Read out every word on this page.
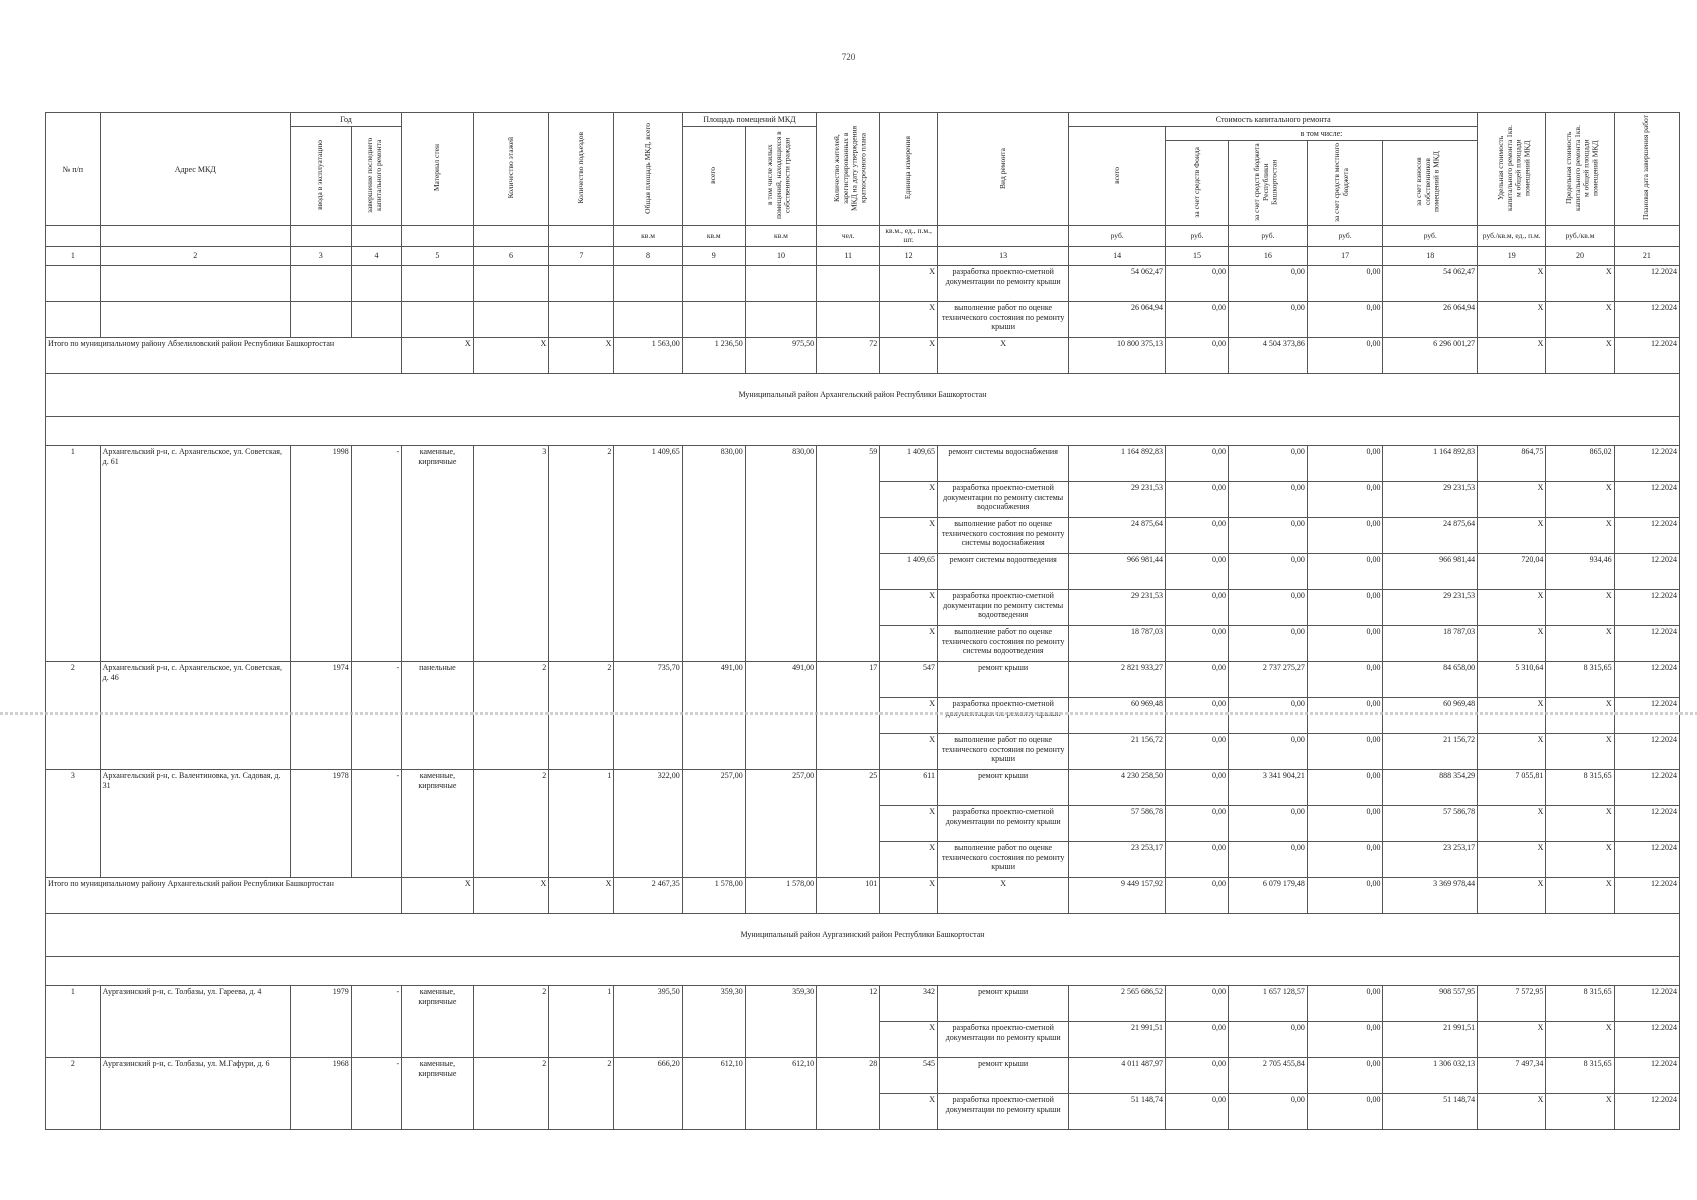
720
№ п/п	Адрес МКД	Год		Материал стен	Количество этажей	Количество подъездов	Общая площадь МКД, всего	Площадь помещений МКД		Количество жителей, зарегистрированных в МКД на дату утверждения краткосрочного плана	Единица измерения	Вид ремонта	Стоимость капитального ремонта					Удельная стоимость капитального ремонта 1кв. м общей площади помещений МКД	Предельная стоимость капитального ремонта 1кв. м общей площади помещений МКД	Плановая дата завершения работ
		ввода в эксплуатацию	завершение последнего капитального ремонта					всего	в том числе жилых помещений, находящихся в собственности граждан				всего	в том числе:						
														за счет средств Фонда	за счет средств бюджета Республики Башкортостан	за счет средств местного бюджета	за счет взносов собственников помещений в МКД			
							кв.м	кв.м	кв.м	чел.	кв.м., ед., п.м., шт.		руб.	руб.	руб.	руб.	руб.	руб./кв.м, ед., п.м.	руб./кв.м	
1	2	3	4	5	6	7	8	9	10	11	12	13	14	15	16	17	18	19	20	21
											X	разработка проектно-сметной документации по ремонту крыши	54 062,47	0,00	0,00	0,00	54 062,47	X	X	12.2024
											X	выполнение работ по оценке технического состояния по ремонту крыши	26 064,94	0,00	0,00	0,00	26 064,94	X	X	12.2024
Итого по муниципальному району Абзелиловский район Республики Башкортостан				X	X	X	1 563,00	1 236,50	975,50	72	X	X	10 800 375,13	0,00	4 504 373,86	0,00	6 296 001,27	X	X	12.2024
Муниципальный район Архангельский район Республики Башкортостан																				

1	Архангельский р-н, с. Архангельское, ул. Советская, д. 61	1998	-	каменные, кирпичные	3	2	1 409,65	830,00	830,00	59	1 409,65	ремонт системы водоснабжения	1 164 892,83	0,00	0,00	0,00	1 164 892,83	864,75	865,02	12.2024
											X	разработка проектно-сметной документации по ремонту системы водоснабжения	29 231,53	0,00	0,00	0,00	29 231,53	X	X	12.2024
											X	выполнение работ по оценке технического состояния по ремонту системы водоснабжения	24 875,64	0,00	0,00	0,00	24 875,64	X	X	12.2024
											1 409,65	ремонт системы водоотведения	966 981,44	0,00	0,00	0,00	966 981,44	720,04	934,46	12.2024
											X	разработка проектно-сметной документации по ремонту системы водоотведения	29 231,53	0,00	0,00	0,00	29 231,53	X	X	12.2024
											X	выполнение работ по оценке технического состояния по ремонту системы водоотведения	18 787,03	0,00	0,00	0,00	18 787,03	X	X	12.2024
2	Архангельский р-н, с. Архангельское, ул. Советская, д. 46	1974	-	панельные	2	2	735,70	491,00	491,00	17	547	ремонт крыши	2 821 933,27	0,00	2 737 275,27	0,00	84 658,00	5 310,64	8 315,65	12.2024
											X	разработка проектно-сметной	60 969,48	0,00	0,00	0,00	60 969,48	X	X	12.2024
											X	выполнение работ по оценке технического состояния по ремонту крыши	21 156,72	0,00	0,00	0,00	21 156,72	X	X	12.2024
3	Архангельский р-н, с. Валентиновка, ул. Садовая, д. 31	1978	-	каменные, кирпичные	2	1	322,00	257,00	257,00	25	611	ремонт крыши	4 230 258,50	0,00	3 341 904,21	0,00	888 354,29	7 055,81	8 315,65	12.2024
											X	разработка проектно-сметной документации по ремонту крыши	57 586,78	0,00	0,00	0,00	57 586,78	X	X	12.2024
											X	выполнение работ по оценке технического состояния по ремонту крыши	23 253,17	0,00	0,00	0,00	23 253,17	X	X	12.2024
Итого по муниципальному району Архангельский район Республики Башкортостан				X	X	X	2 467,35	1 578,00	1 578,00	101	X	X	9 449 157,92	0,00	6 079 179,48	0,00	3 369 978,44	X	X	12.2024
Муниципальный район Аургазинский район Республики Башкортостан																				

1	Аургазинский р-н, с. Толбазы, ул. Гареева, д. 4	1979	-	каменные, кирпичные	2	1	395,50	359,30	359,30	12	342	ремонт крыши	2 565 686,52	0,00	1 657 128,57	0,00	908 557,95	7 572,95	8 315,65	12.2024
											X	разработка проектно-сметной документации по ремонту крыши	21 991,51	0,00	0,00	0,00	21 991,51	X	X	12.2024
2	Аургазинский р-н, с. Толбазы, ул. М.Гафури, д. 6	1968	-	каменные, кирпичные	2	2	666,20	612,10	612,10	28	545	ремонт крыши	4 011 487,97	0,00	2 705 455,84	0,00	1 306 032,13	7 497,34	8 315,65	12.2024
											X	разработка проектно-сметной документации по ремонту крыши	51 148,74	0,00	0,00	0,00	51 148,74	X	X	12.2024
